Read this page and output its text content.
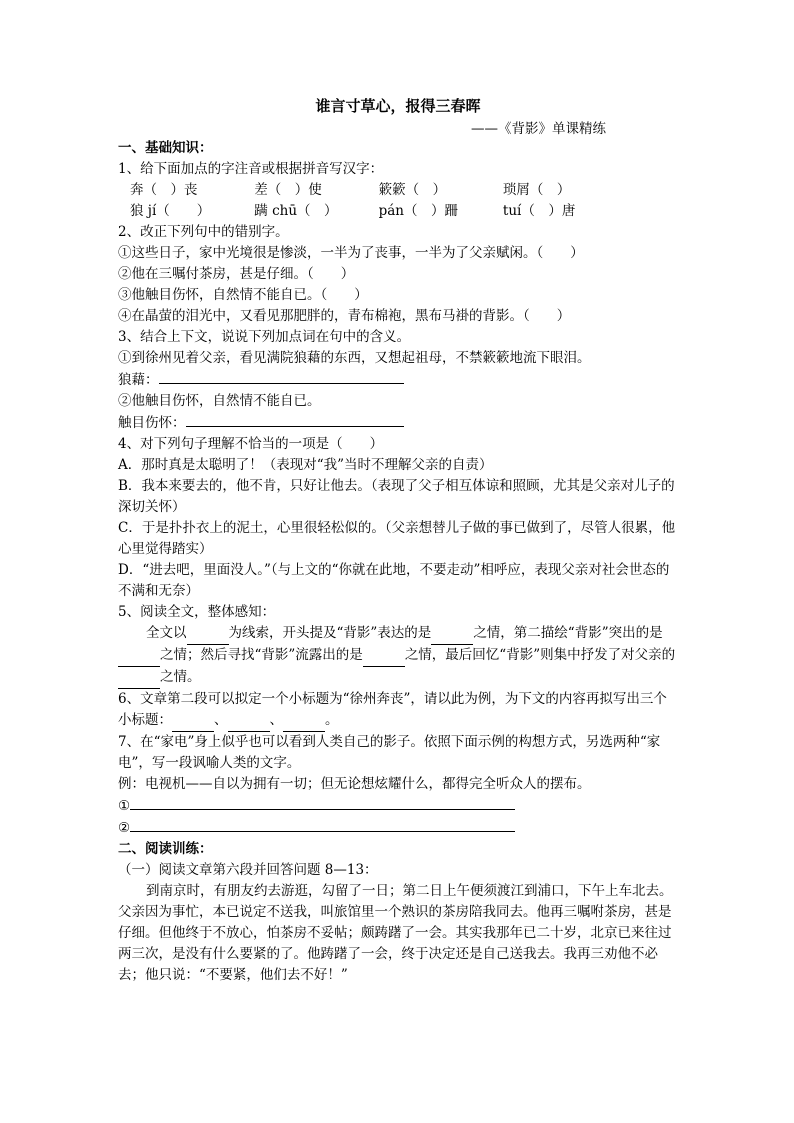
谁言寸草心，报得三春晖
——《背影》单课精练
一、基础知识：
1、给下面加点的字注音或根据拼音写汉字：
奔（　）丧	差（　）使	簌簌（　）	琐屑（　）
狼 jí（　　）	蹒 chū（　）	pán（　）跚	tuí（　）唐
2、改正下列句中的错别字。
①这些日子，家中光境很是惨淡，一半为了丧事，一半为了父亲赋闲。（　　）
②他在三嘱付茶房，甚是仔细。（　　）
③他触目伤怀，自然情不能自已。（　　）
④在晶萤的泪光中，又看见那肥胖的，青布棉袍，黑布马褂的背影。（　　）
3、结合上下文，说说下列加点词在句中的含义。
①到徐州见着父亲，看见满院狼藉的东西，又想起祖母，不禁簌簌地流下眼泪。
狼藉：
②他触目伤怀，自然情不能自已。
触目伤怀：
4、对下列句子理解不恰当的一项是（　　）
A．那时真是太聪明了！（表现对“我”当时不理解父亲的自责）
B．我本来要去的，他不肯，只好让他去。（表现了父子相互体谅和照顾，尤其是父亲对儿子的深切关怀）
C．于是扑扑衣上的泥土，心里很轻松似的。（父亲想替儿子做的事已做到了，尽管人很累，他心里觉得踏实）
D．“进去吧，里面没人。”（与上文的“你就在此地，不要走动”相呼应，表现父亲对社会世态的不满和无奈）
5、阅读全文，整体感知：
全文以	为线索，开头提及“背影”表达的是	之情，第二描绘“背影”突出的是 之情；然后寻找“背影”流露出的是	之情，最后回忆“背影”则集中抒发了对父亲的 之情。
6、文章第二段可以拟定一个小标题为“徐州奔丧”，请以此为例，为下文的内容再拟写出三个小标题：	、	、	。
7、在“家电”身上似乎也可以看到人类自己的影子。依照下面示例的构想方式，另选两种“家电”，写一段讽喻人类的文字。
例：电视机——自以为拥有一切；但无论想炫耀什么，都得完全听众人的摆布。
①
②
二、阅读训练：
（一）阅读文章第六段并回答问题 8—13：
到南京时，有朋友约去游逛，勾留了一日；第二日上午便须渡江到浦口，下午上车北去。父亲因为事忙，本已说定不送我，叫旅馆里一个熟识的茶房陪我同去。他再三嘱咐茶房，甚是仔细。但他终于不放心，怕茶房不妥帖；颇踌躇了一会。其实我那年已二十岁，北京已来往过两三次，是没有什么要紧的了。他踌躇了一会，终于决定还是自己送我去。我再三劝他不必去；他只说：“不要紧，他们去不好！”
